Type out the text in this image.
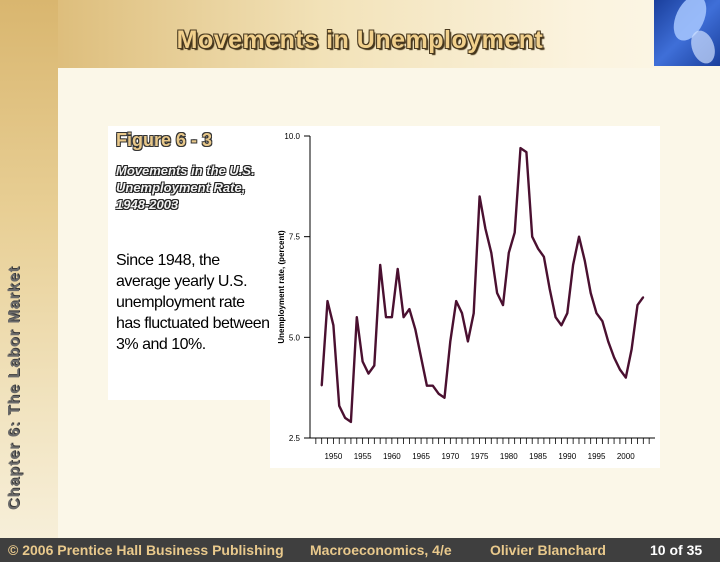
Movements in Unemployment
Chapter 6: The Labor Market
Figure 6 - 3
Movements in the U.S. Unemployment Rate, 1948-2003
Since 1948, the average yearly U.S. unemployment rate has fluctuated between 3% and 10%.
2.5
5.0
7.5
10.0
Unemployment rate, (percent)
1950 1955 1960 1965 1970 1975 1980 1985 1990 1995 2000
© 2006 Prentice Hall Business Publishing Macroeconomics, 4/e	Olivier Blanchard	10 of 35
